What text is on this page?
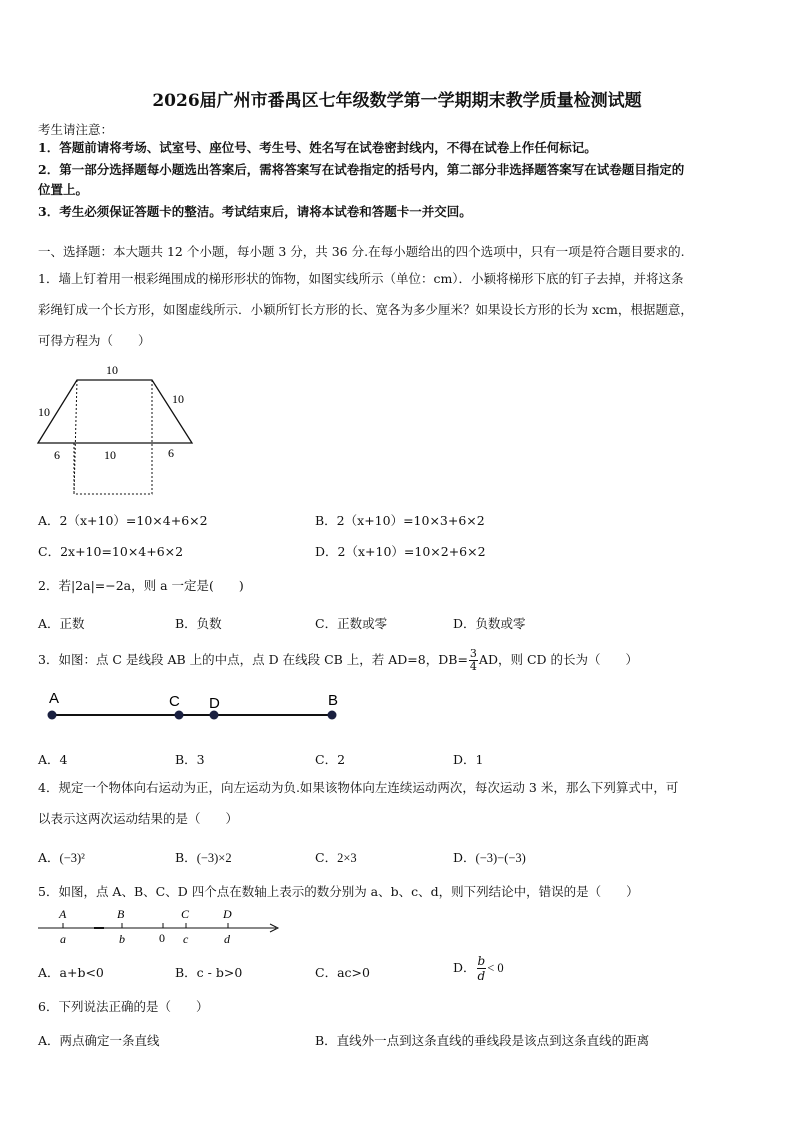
2026届广州市番禺区七年级数学第一学期期末教学质量检测试题
考生请注意：
1．答题前请将考场、试室号、座位号、考生号、姓名写在试卷密封线内，不得在试卷上作任何标记。
2．第一部分选择题每小题选出答案后，需将答案写在试卷指定的括号内，第二部分非选择题答案写在试卷题目指定的
位置上。
3．考生必须保证答题卡的整洁。考试结束后，请将本试卷和答题卡一并交回。
一、选择题：本大题共 12 个小题，每小题 3 分，共 36 分.在每小题给出的四个选项中，只有一项是符合题目要求的.
1．墙上钉着用一根彩绳围成的梯形形状的饰物，如图实线所示（单位：cm）．小颖将梯形下底的钉子去掉，并将这条
彩绳钉成一个长方形，如图虚线所示．小颖所钉长方形的长、宽各为多少厘米？如果设长方形的长为 xcm，根据题意，
可得方程为（　　）
10
10
10
6	10	6
A．2（x+10）=10×4+6×2	B．2（x+10）=10×3+6×2
C．2x+10=10×4+6×2	D．2（x+10）=10×2+6×2
2．若|2a|=−2a，则 a 一定是(　　)
A．正数	B．负数	C．正数或零	D．负数或零
3．如图：点 C 是线段 AB 上的中点，点 D 在线段 CB 上，若 AD=8，$DB= \frac{3}{4}$ AD，则 CD 的长为（　　）
A	C D	B
A．4	B．3	C．2	D．1
4．规定一个物体向右运动为正，向左运动为负.如果该物体向左连续运动两次，每次运动 3 米，那么下列算式中，可
以表示这两次运动结果的是（　　）
A．(−3)²	B．(−3)×2	C．2×3	D．(−3)−(−3)
5．如图，点 A、B、C、D 四个点在数轴上表示的数分别为 a、b、c、d，则下列结论中，错误的是（　　）
A	B	C	D
a	b	0 c	d
A．a+b<0	B．c - b>0	C．ac>0	D． $\frac{b}{d} < 0$
6．下列说法正确的是（　　）
A．两点确定一条直线	B．直线外一点到这条直线的垂线段是该点到这条直线的距离
